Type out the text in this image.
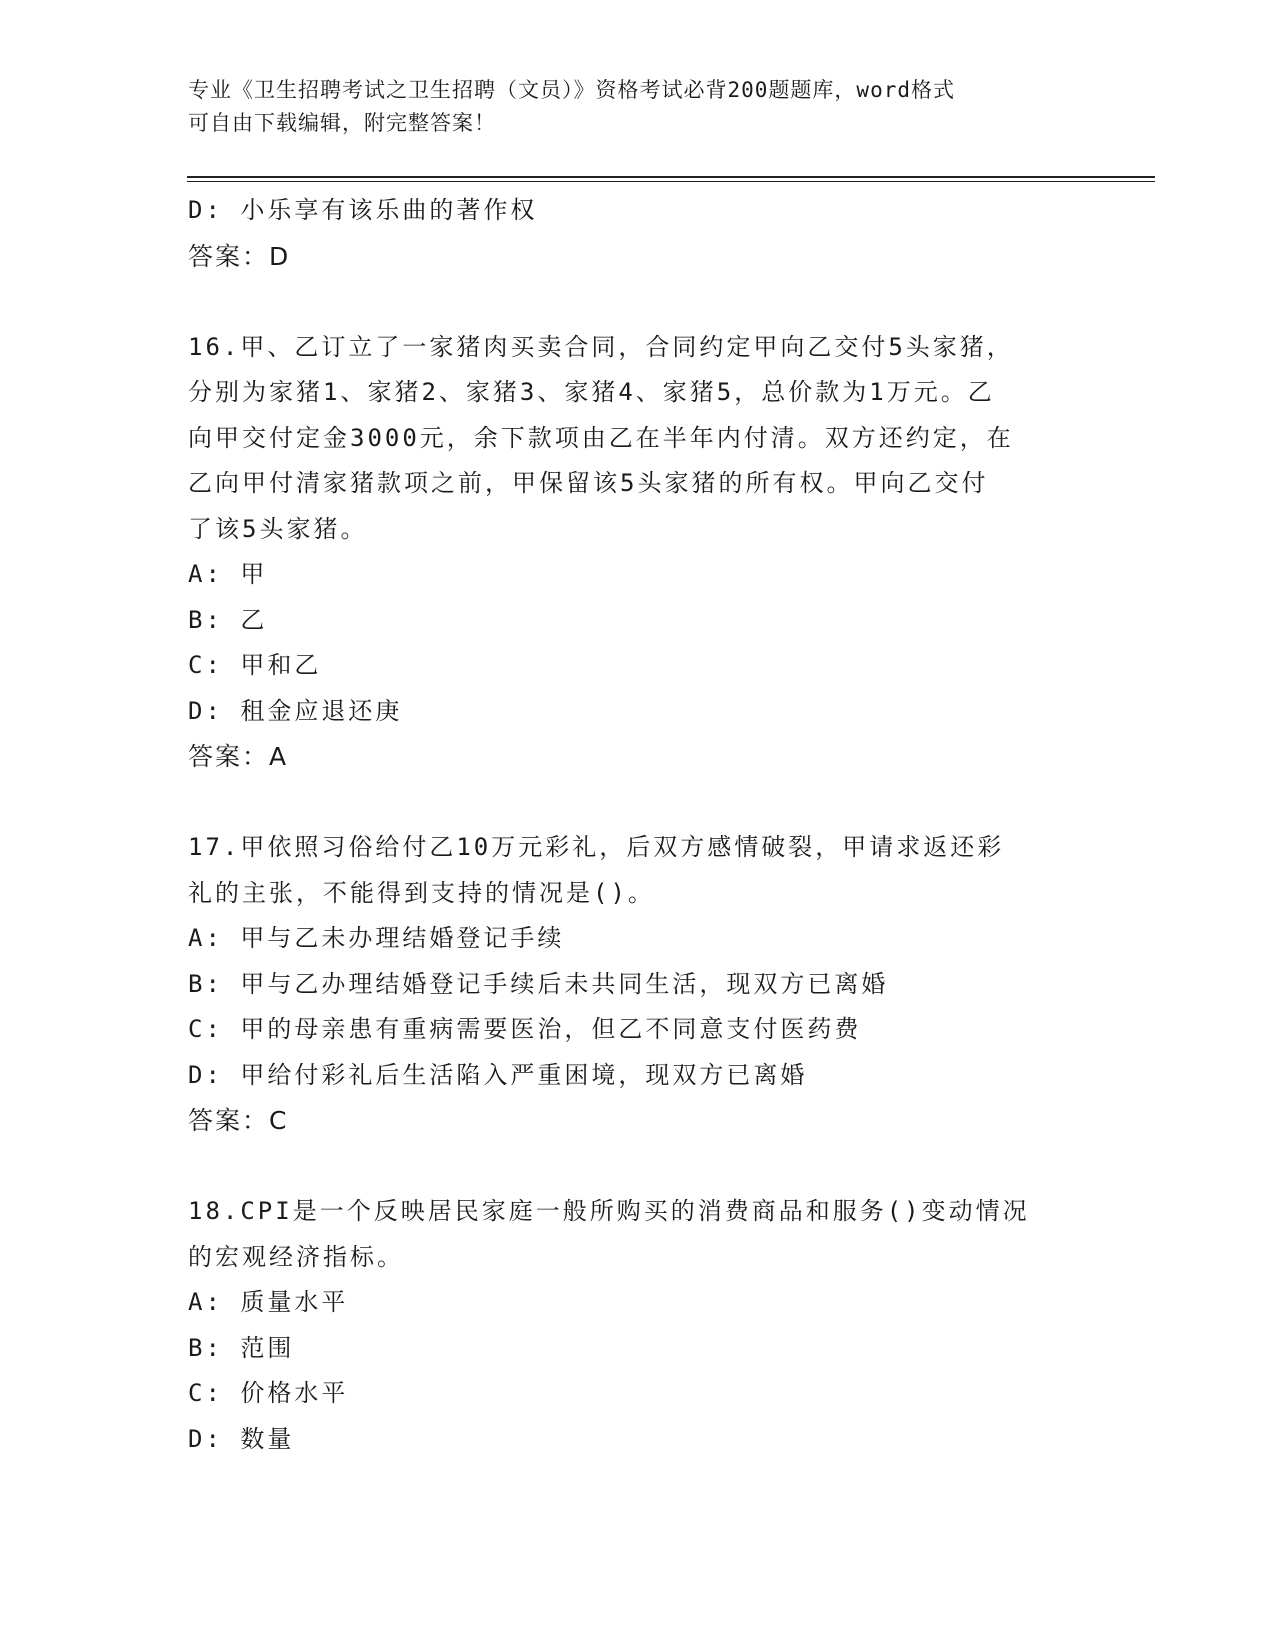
专业《卫生招聘考试之卫生招聘（文员）》资格考试必背200题题库，word格式
可自由下载编辑，附完整答案！
D: 小乐享有该乐曲的著作权
答案：D
16.甲、乙订立了一家猪肉买卖合同，合同约定甲向乙交付5头家猪，
分别为家猪1、家猪2、家猪3、家猪4、家猪5，总价款为1万元。乙
向甲交付定金3000元，余下款项由乙在半年内付清。双方还约定，在
乙向甲付清家猪款项之前，甲保留该5头家猪的所有权。甲向乙交付
了该5头家猪。
A: 甲
B: 乙
C: 甲和乙
D: 租金应退还庚
答案：A
17.甲依照习俗给付乙10万元彩礼，后双方感情破裂，甲请求返还彩
礼的主张，不能得到支持的情况是()。
A: 甲与乙未办理结婚登记手续
B: 甲与乙办理结婚登记手续后未共同生活，现双方已离婚
C: 甲的母亲患有重病需要医治，但乙不同意支付医药费
D: 甲给付彩礼后生活陷入严重困境，现双方已离婚
答案：C
18.CPI是一个反映居民家庭一般所购买的消费商品和服务()变动情况
的宏观经济指标。
A: 质量水平
B: 范围
C: 价格水平
D: 数量
